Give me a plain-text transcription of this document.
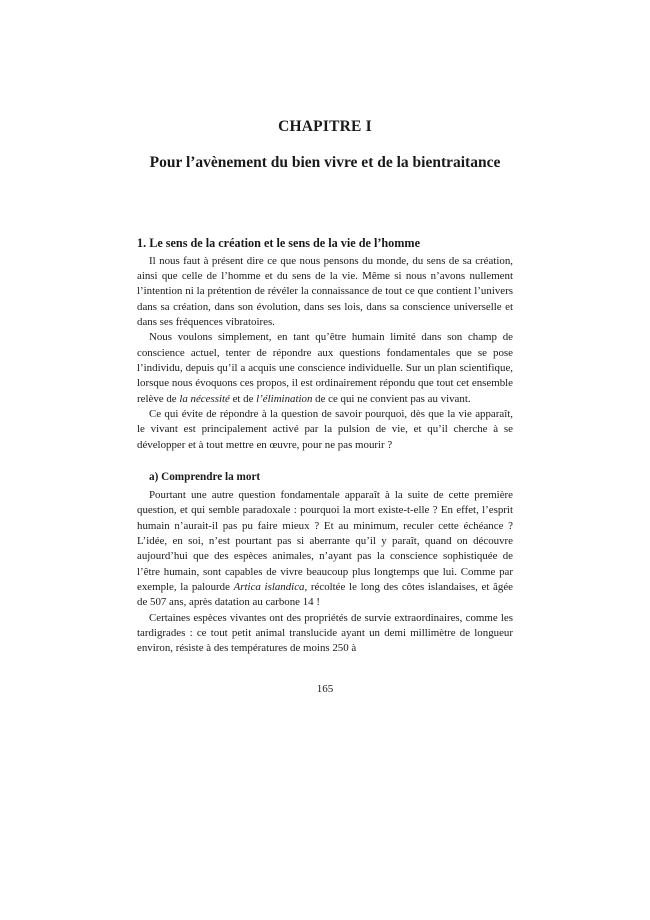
CHAPITRE I
Pour l’avènement du bien vivre et de la bientraitance
1. Le sens de la création et le sens de la vie de l’homme

Il nous faut à présent dire ce que nous pensons du monde, du sens de sa création, ainsi que celle de l’homme et du sens de la vie. Même si nous n’avons nullement l’intention ni la prétention de révéler la connaissance de tout ce que contient l’univers dans sa création, dans son évolution, dans ses lois, dans sa conscience universelle et dans ses fréquences vibratoires.

Nous voulons simplement, en tant qu’être humain limité dans son champ de conscience actuel, tenter de répondre aux questions fondamentales que se pose l’individu, depuis qu’il a acquis une conscience individuelle. Sur un plan scientifique, lorsque nous évoquons ces propos, il est ordinairement répondu que tout cet ensemble relève de la nécessité et de l’élimination de ce qui ne convient pas au vivant.

Ce qui évite de répondre à la question de savoir pourquoi, dès que la vie apparaît, le vivant est principalement activé par la pulsion de vie, et qu’il cherche à se développer et à tout mettre en œuvre, pour ne pas mourir ?

a) Comprendre la mort

Pourtant une autre question fondamentale apparaît à la suite de cette première question, et qui semble paradoxale : pourquoi la mort existe-t-elle ? En effet, l’esprit humain n’aurait-il pas pu faire mieux ? Et au minimum, reculer cette échéance ? L’idée, en soi, n’est pourtant pas si aberrante qu’il y paraît, quand on découvre aujourd’hui que des espèces animales, n’ayant pas la conscience sophistiquée de l’être humain, sont capables de vivre beaucoup plus longtemps que lui. Comme par exemple, la palourde Artica islandica, récoltée le long des côtes islandaises, et âgée de 507 ans, après datation au carbone 14 !

Certaines espèces vivantes ont des propriétés de survie extraordinaires, comme les tardigrades : ce tout petit animal translucide ayant un demi millimètre de longueur environ, résiste à des températures de moins 250 à

165
